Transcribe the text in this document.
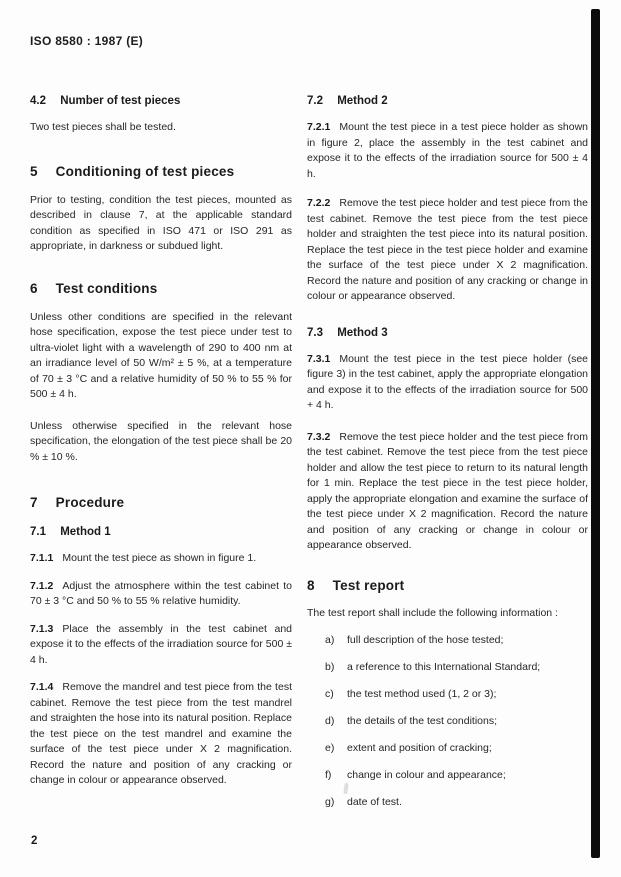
ISO 8580 : 1987 (E)
4.2 Number of test pieces

Two test pieces shall be tested.

5 Conditioning of test pieces

Prior to testing, condition the test pieces, mounted as described in clause 7, at the applicable standard condition as specified in ISO 471 or ISO 291 as appropriate, in darkness or subdued light.

6 Test conditions

Unless other conditions are specified in the relevant hose specification, expose the test piece under test to ultra-violet light with a wavelength of 290 to 400 nm at an irradiance level of 50 W/m² ± 5 %, at a temperature of 70 ± 3 °C and a relative humidity of 50 % to 55 % for 500 ± 4 h.

Unless otherwise specified in the relevant hose specification, the elongation of the test piece shall be 20 % ± 10 %.

7 Procedure
7.1 Method 1

7.1.1 Mount the test piece as shown in figure 1.

7.1.2 Adjust the atmosphere within the test cabinet to 70 ± 3 °C and 50 % to 55 % relative humidity.

7.1.3 Place the assembly in the test cabinet and expose it to the effects of the irradiation source for 500 ± 4 h.

7.1.4 Remove the mandrel and test piece from the test cabinet. Remove the test piece from the test mandrel and straighten the hose into its natural position. Replace the test piece on the test mandrel and examine the surface of the test piece under X 2 magnification. Record the nature and position of any cracking or change in colour or appearance observed.

7.2 Method 2

7.2.1 Mount the test piece in a test piece holder as shown in figure 2, place the assembly in the test cabinet and expose it to the effects of the irradiation source for 500 ± 4 h.

7.2.2 Remove the test piece holder and test piece from the test cabinet. Remove the test piece from the test piece holder and straighten the test piece into its natural position. Replace the test piece in the test piece holder and examine the surface of the test piece under X 2 magnification. Record the nature and position of any cracking or change in colour or appearance observed.

7.3 Method 3

7.3.1 Mount the test piece in the test piece holder (see figure 3) in the test cabinet, apply the appropriate elongation and expose it to the effects of the irradiation source for 500 + 4 h.

7.3.2 Remove the test piece holder and the test piece from the test cabinet. Remove the test piece from the test piece holder and allow the test piece to return to its natural length for 1 min. Replace the test piece in the test piece holder, apply the appropriate elongation and examine the surface of the test piece under X 2 magnification. Record the nature and position of any cracking or change in colour or appearance observed.

8 Test report

The test report shall include the following information :

a)	full description of the hose tested;
b)	a reference to this International Standard;
c)	the test method used (1, 2 or 3);
d)	the details of the test conditions;
e)	extent and position of cracking;
f)	change in colour and appearance;
g)	date of test.
2
